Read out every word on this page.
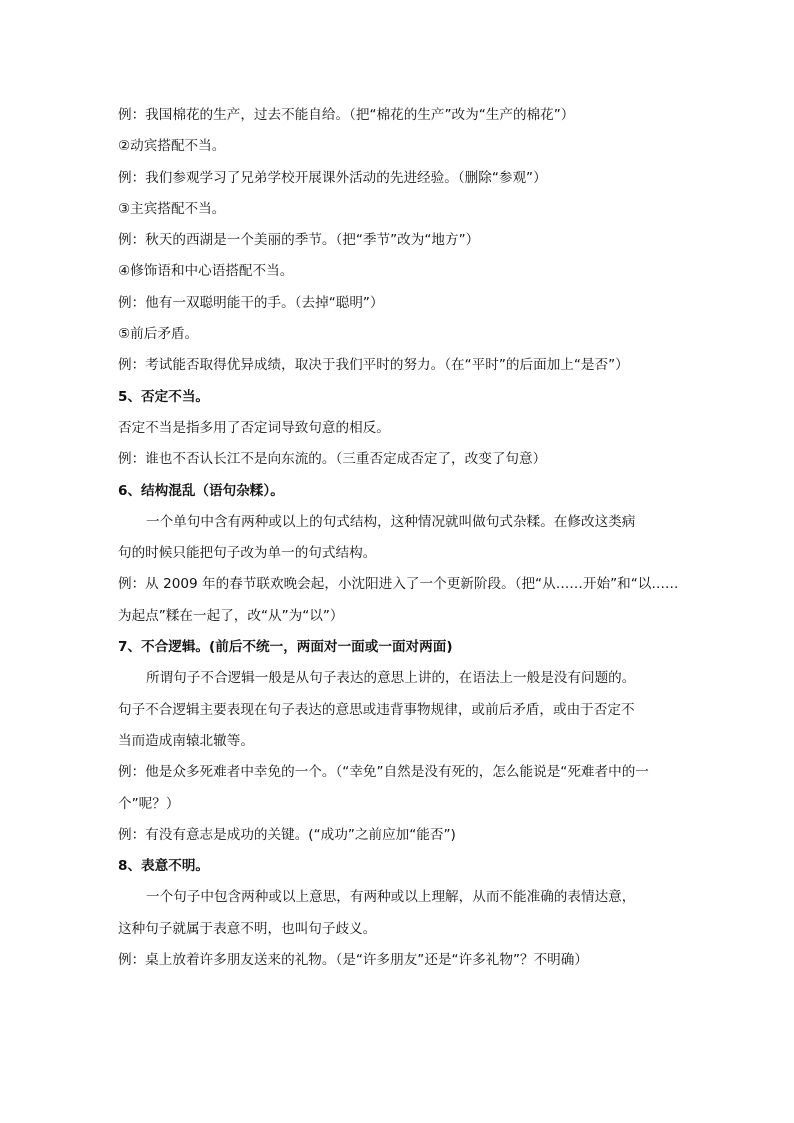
例：我国棉花的生产，过去不能自给。（把“棉花的生产”改为“生产的棉花”）
②动宾搭配不当。
例：我们参观学习了兄弟学校开展课外活动的先进经验。（删除“参观”）
③主宾搭配不当。
例：秋天的西湖是一个美丽的季节。（把“季节”改为“地方”）
④修饰语和中心语搭配不当。
例：他有一双聪明能干的手。（去掉“聪明”）
⑤前后矛盾。
例：考试能否取得优异成绩，取决于我们平时的努力。（在“平时”的后面加上“是否”）
5、否定不当。
否定不当是指多用了否定词导致句意的相反。
例：谁也不否认长江不是向东流的。（三重否定成否定了，改变了句意）
6、结构混乱（语句杂糅）。
一个单句中含有两种或以上的句式结构，这种情况就叫做句式杂糅。在修改这类病
句的时候只能把句子改为单一的句式结构。
例：从 2009 年的春节联欢晚会起，小沈阳进入了一个更新阶段。（把“从……开始”和“以……
为起点”糅在一起了，改“从”为“以”）
7、不合逻辑。(前后不统一，两面对一面或一面对两面)
所谓句子不合逻辑一般是从句子表达的意思上讲的，在语法上一般是没有问题的。
句子不合逻辑主要表现在句子表达的意思或违背事物规律，或前后矛盾，或由于否定不
当而造成南辕北辙等。
例：他是众多死难者中幸免的一个。（“幸免”自然是没有死的，怎么能说是“死难者中的一
个”呢？）
例：有没有意志是成功的关键。(“成功”之前应加“能否”)
8、表意不明。
一个句子中包含两种或以上意思，有两种或以上理解，从而不能准确的表情达意，
这种句子就属于表意不明，也叫句子歧义。
例：桌上放着许多朋友送来的礼物。（是“许多朋友”还是“许多礼物”？不明确）
